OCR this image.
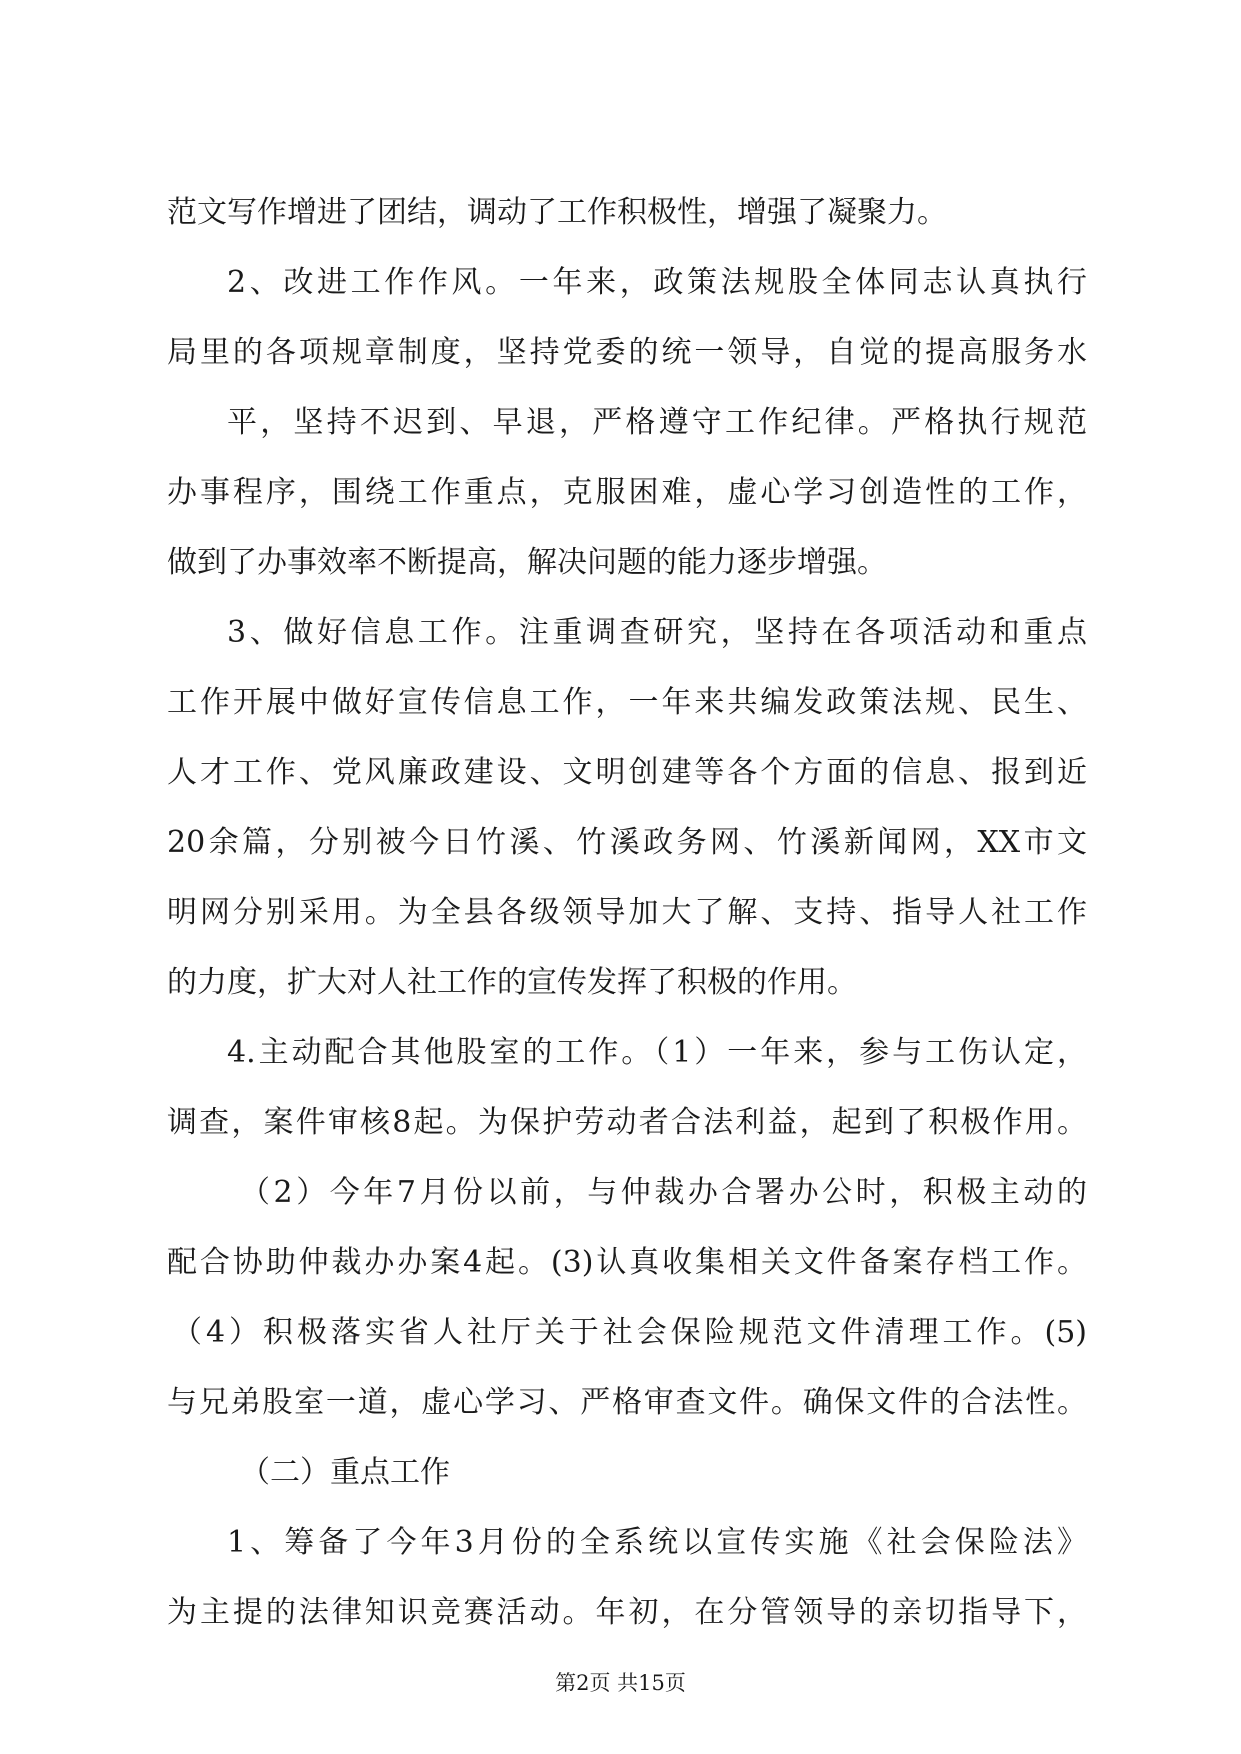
范文写作增进了团结，调动了工作积极性，增强了凝聚力。
2、改进工作作风。一年来，政策法规股全体同志认真执行
局里的各项规章制度，坚持党委的统一领导，自觉的提高服务水
平，坚持不迟到、早退，严格遵守工作纪律。严格执行规范
办事程序，围绕工作重点，克服困难，虚心学习创造性的工作，
做到了办事效率不断提高，解决问题的能力逐步增强。
3、做好信息工作。注重调查研究，坚持在各项活动和重点
工作开展中做好宣传信息工作，一年来共编发政策法规、民生、
人才工作、党风廉政建设、文明创建等各个方面的信息、报到近
20余篇，分别被今日竹溪、竹溪政务网、竹溪新闻网，XX市文
明网分别采用。为全县各级领导加大了解、支持、指导人社工作
的力度，扩大对人社工作的宣传发挥了积极的作用。
4.主动配合其他股室的工作。（1）一年来，参与工伤认定，
调查，案件审核8起。为保护劳动者合法利益，起到了积极作用。
（2）今年7月份以前，与仲裁办合署办公时，积极主动的
配合协助仲裁办办案4起。(3)认真收集相关文件备案存档工作。
（4）积极落实省人社厅关于社会保险规范文件清理工作。(5)
与兄弟股室一道，虚心学习、严格审查文件。确保文件的合法性。
（二）重点工作
1、筹备了今年3月份的全系统以宣传实施《社会保险法》
为主提的法律知识竞赛活动。年初，在分管领导的亲切指导下，
第2页 共15页
